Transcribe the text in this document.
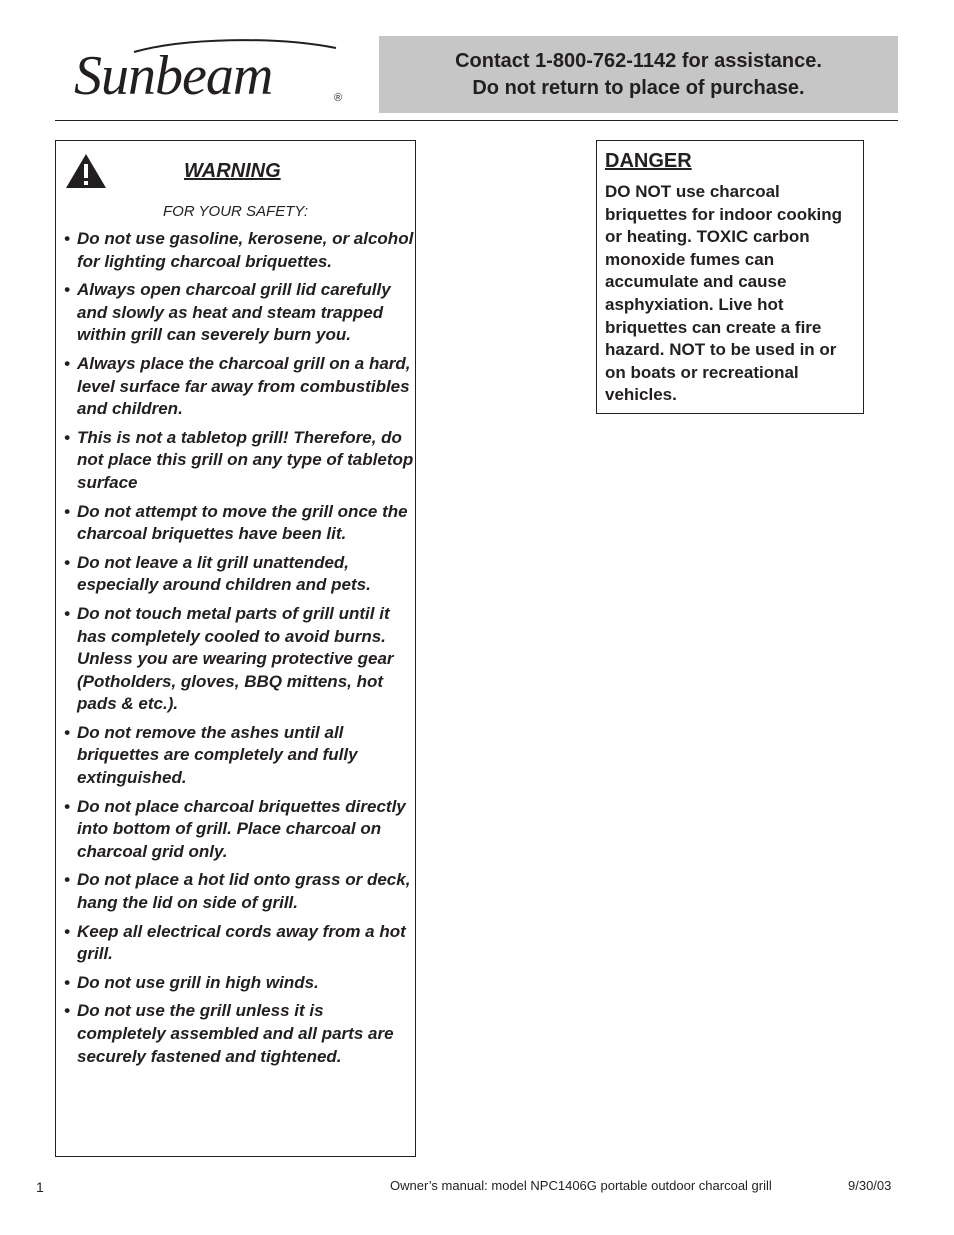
Sunbeam	®
Contact 1-800-762-1142 for assistance.
Do not return to place of purchase.
WARNING
FOR YOUR SAFETY:
• Do not use gasoline, kerosene, or alcohol for lighting charcoal briquettes.
• Always open charcoal grill lid carefully and slowly as heat and steam trapped within grill can severely burn you.
• Always place the charcoal grill on a hard, level surface far away from combustibles and children.
• This is not a tabletop grill! Therefore, do not place this grill on any type of tabletop surface
• Do not attempt to move the grill once the charcoal briquettes have been lit.
• Do not leave a lit grill unattended, especially around children and pets.
• Do not touch metal parts of grill until it has completely cooled to avoid burns. Unless you are wearing protective gear (Potholders, gloves, BBQ mittens, hot pads & etc.).
• Do not remove the ashes until all briquettes are completely and fully extinguished.
• Do not place charcoal briquettes directly into bottom of grill. Place charcoal on charcoal grid only.
• Do not place a hot lid onto grass or deck, hang the lid on side of grill.
• Keep all electrical cords away from a hot grill.
• Do not use grill in high winds.
• Do not use the grill unless it is completely assembled and all parts are securely fastened and tightened.
DANGER

DO NOT use charcoal briquettes for indoor cooking or heating. TOXIC carbon monoxide fumes can accumulate and cause asphyxiation. Live hot briquettes can create a fire hazard. NOT to be used in or on boats or recreational vehicles.

1	Owner’s manual: model NPC1406G portable outdoor charcoal grill	9/30/03
